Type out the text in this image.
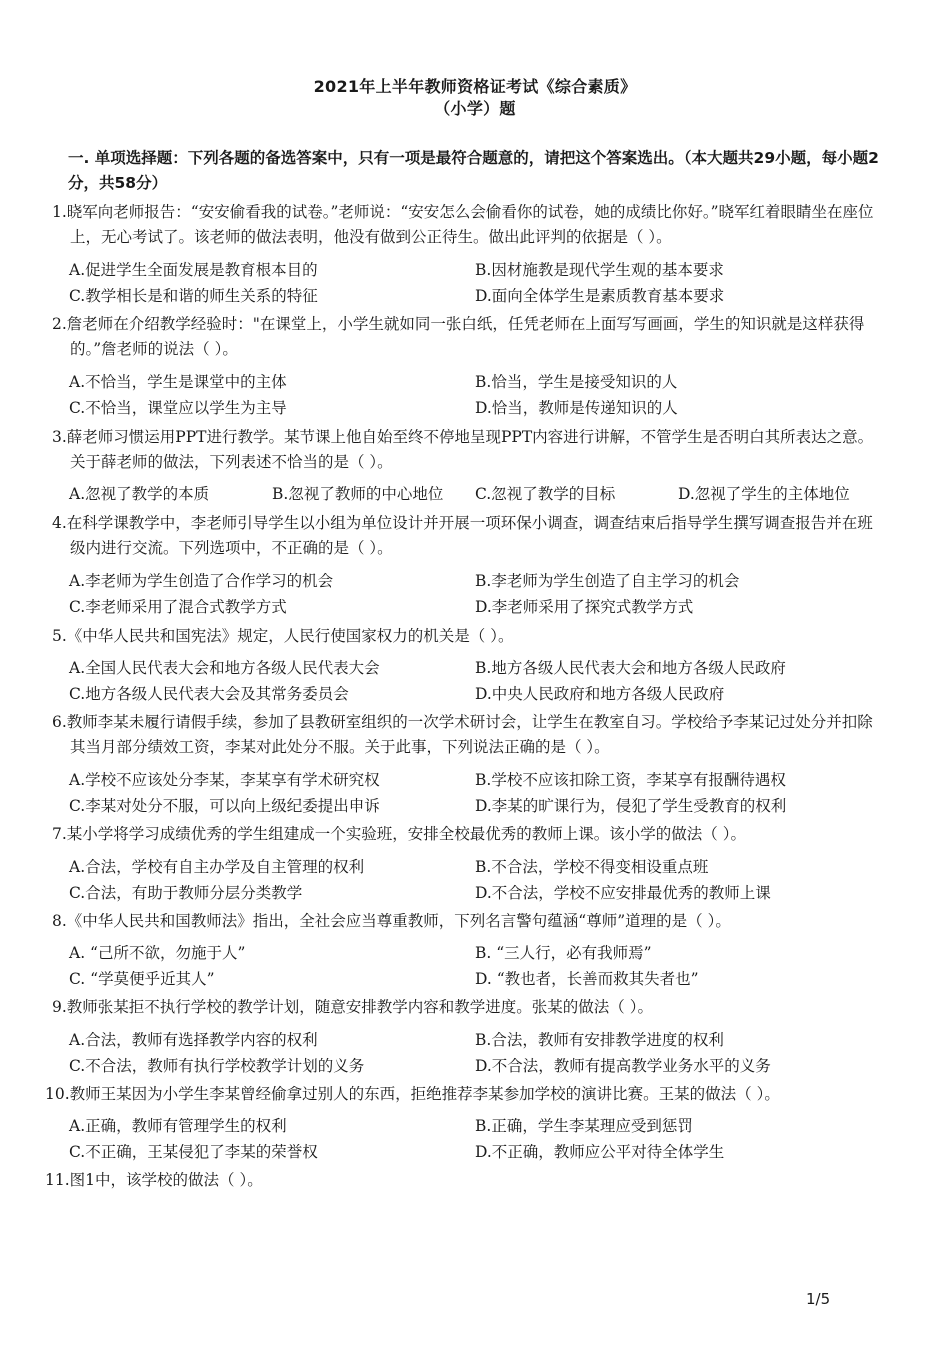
2021年上半年教师资格证考试《综合素质》
（小学）题
一. 单项选择题：下列各题的备选答案中，只有一项是最符合题意的，请把这个答案选出。（本大题共29小题，每小题2分，共58分）
1.晓军向老师报告：“安安偷看我的试卷。”老师说：“安安怎么会偷看你的试卷，她的成绩比你好。”晓军红着眼睛坐在座位上，无心考试了。该老师的做法表明，他没有做到公正待生。做出此评判的依据是（ ）。
A.促进学生全面发展是教育根本目的	B.因材施教是现代学生观的基本要求
C.教学相长是和谐的师生关系的特征	D.面向全体学生是素质教育基本要求
2.詹老师在介绍教学经验时："在课堂上，小学生就如同一张白纸，任凭老师在上面写写画画，学生的知识就是这样获得的。”詹老师的说法（ ）。
A.不恰当，学生是课堂中的主体	B.恰当，学生是接受知识的人
C.不恰当，课堂应以学生为主导	D.恰当，教师是传递知识的人
3.薛老师习惯运用PPT进行教学。某节课上他自始至终不停地呈现PPT内容进行讲解，不管学生是否明白其所表达之意。关于薛老师的做法，下列表述不恰当的是（ ）。
A.忽视了教学的本质	B.忽视了教师的中心地位 C.忽视了教学的目标	D.忽视了学生的主体地位
4.在科学课教学中，李老师引导学生以小组为单位设计并开展一项环保小调查，调查结束后指导学生撰写调查报告并在班级内进行交流。下列选项中，不正确的是（ ）。
A.李老师为学生创造了合作学习的机会	B.李老师为学生创造了自主学习的机会
C.李老师采用了混合式教学方式	D.李老师采用了探究式教学方式
5.《中华人民共和国宪法》规定，人民行使国家权力的机关是（ ）。
A.全国人民代表大会和地方各级人民代表大会	B.地方各级人民代表大会和地方各级人民政府
C.地方各级人民代表大会及其常务委员会	D.中央人民政府和地方各级人民政府
6.教师李某未履行请假手续，参加了县教研室组织的一次学术研讨会，让学生在教室自习。学校给予李某记过处分并扣除其当月部分绩效工资，李某对此处分不服。关于此事，下列说法正确的是（ ）。
A.学校不应该处分李某，李某享有学术研究权	B.学校不应该扣除工资，李某享有报酬待遇权
C.李某对处分不服，可以向上级纪委提出申诉	D.李某的旷课行为，侵犯了学生受教育的权利
7.某小学将学习成绩优秀的学生组建成一个实验班，安排全校最优秀的教师上课。该小学的做法（ ）。
A.合法，学校有自主办学及自主管理的权利	B.不合法，学校不得变相设重点班
C.合法，有助于教师分层分类教学	D.不合法，学校不应安排最优秀的教师上课
8.《中华人民共和国教师法》指出，全社会应当尊重教师，下列名言警句蕴涵“尊师”道理的是（ ）。
A. “己所不欲，勿施于人”	B. “三人行，必有我师焉”
C. “学莫便乎近其人”	D. “教也者，长善而救其失者也”
9.教师张某拒不执行学校的教学计划，随意安排教学内容和教学进度。张某的做法（ ）。
A.合法，教师有选择教学内容的权利	B.合法，教师有安排教学进度的权利
C.不合法，教师有执行学校教学计划的义务	D.不合法，教师有提高教学业务水平的义务
10.教师王某因为小学生李某曾经偷拿过别人的东西，拒绝推荐李某参加学校的演讲比赛。王某的做法（ ）。
A.正确，教师有管理学生的权利	B.正确，学生李某理应受到惩罚
C.不正确，王某侵犯了李某的荣誉权	D.不正确，教师应公平对待全体学生
11.图1中，该学校的做法（ ）。
1/5
